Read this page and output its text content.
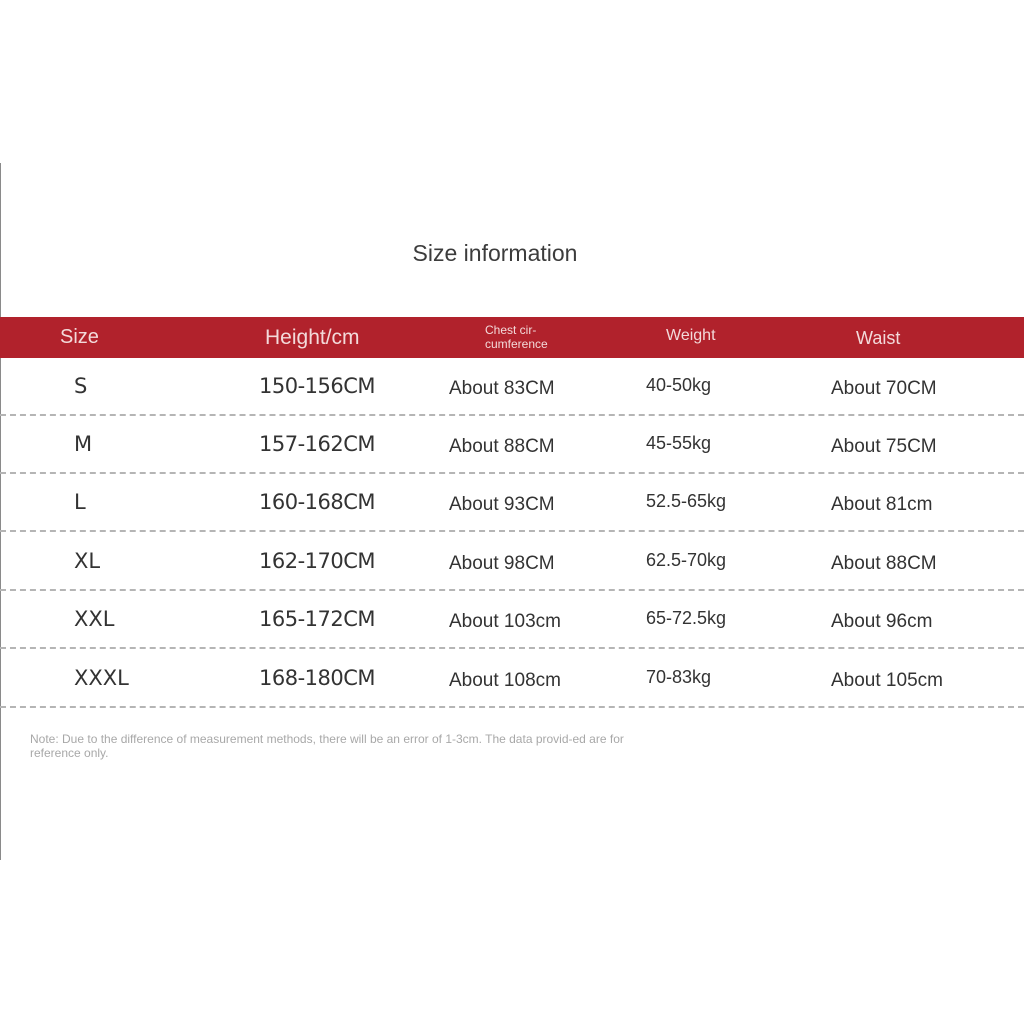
Size information
Size	Height/cm	Chest cir-cumference	Weight	Waist
S	150-156CM	About 83CM	40-50kg	About 70CM
M	157-162CM	About 88CM	45-55kg	About 75CM
L	160-168CM	About 93CM	52.5-65kg	About 81cm
XL	162-170CM	About 98CM	62.5-70kg	About 88CM
XXL	165-172CM	About 103cm	65-72.5kg	About 96cm
XXXL	168-180CM	About 108cm	70-83kg	About 105cm
Note: Due to the difference of measurement methods, there will be an error of 1-3cm. The data provid-ed are for reference only.
